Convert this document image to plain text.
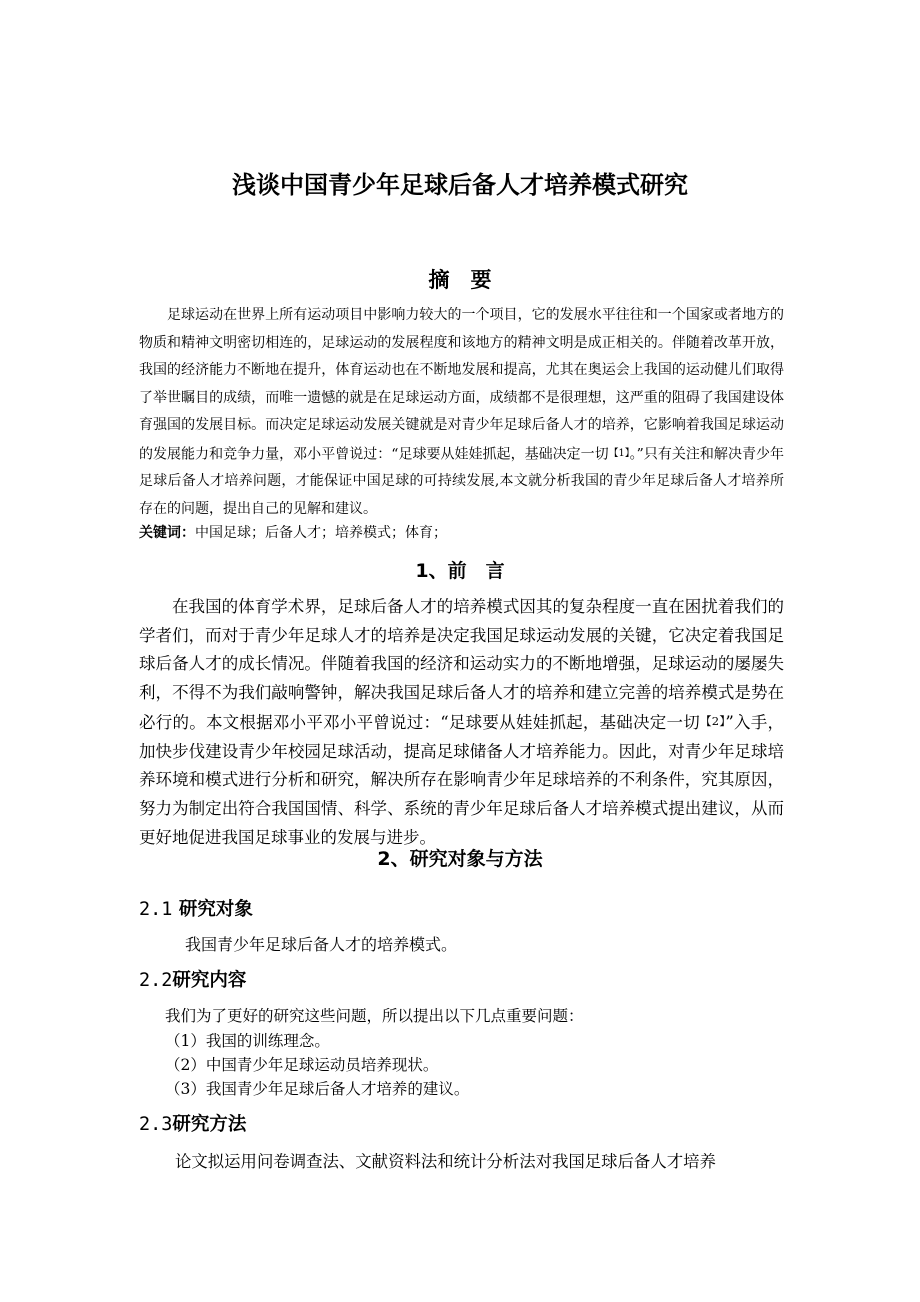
浅谈中国青少年足球后备人才培养模式研究
摘　要
足球运动在世界上所有运动项目中影响力较大的一个项目，它的发展水平往往和一个国家或者地方的物质和精神文明密切相连的，足球运动的发展程度和该地方的精神文明是成正相关的。伴随着改革开放，我国的经济能力不断地在提升，体育运动也在不断地发展和提高，尤其在奥运会上我国的运动健儿们取得了举世瞩目的成绩，而唯一遗憾的就是在足球运动方面，成绩都不是很理想，这严重的阻碍了我国建设体育强国的发展目标。而决定足球运动发展关键就是对青少年足球后备人才的培养，它影响着我国足球运动的发展能力和竞争力量，邓小平曾说过：“足球要从娃娃抓起，基础决定一切【1】。”只有关注和解决青少年足球后备人才培养问题，才能保证中国足球的可持续发展,本文就分析我国的青少年足球后备人才培养所存在的问题，提出自己的见解和建议。
关键词：中国足球；后备人才；培养模式；体育；
1、前　言
在我国的体育学术界，足球后备人才的培养模式因其的复杂程度一直在困扰着我们的学者们，而对于青少年足球人才的培养是决定我国足球运动发展的关键，它决定着我国足球后备人才的成长情况。伴随着我国的经济和运动实力的不断地增强，足球运动的屡屡失利，不得不为我们敲响警钟，解决我国足球后备人才的培养和建立完善的培养模式是势在必行的。本文根据邓小平邓小平曾说过：“足球要从娃娃抓起，基础决定一切【2】”入手，加快步伐建设青少年校园足球活动，提高足球储备人才培养能力。因此，对青少年足球培养环境和模式进行分析和研究，解决所存在影响青少年足球培养的不利条件，究其原因，努力为制定出符合我国国情、科学、系统的青少年足球后备人才培养模式提出建议，从而更好地促进我国足球事业的发展与进步。
2、研究对象与方法
2.1 研究对象
我国青少年足球后备人才的培养模式。
2.2研究内容
我们为了更好的研究这些问题，所以提出以下几点重要问题：
（1）我国的训练理念。
（2）中国青少年足球运动员培养现状。
（3）我国青少年足球后备人才培养的建议。
2.3研究方法
论文拟运用问卷调查法、文献资料法和统计分析法对我国足球后备人才培养
